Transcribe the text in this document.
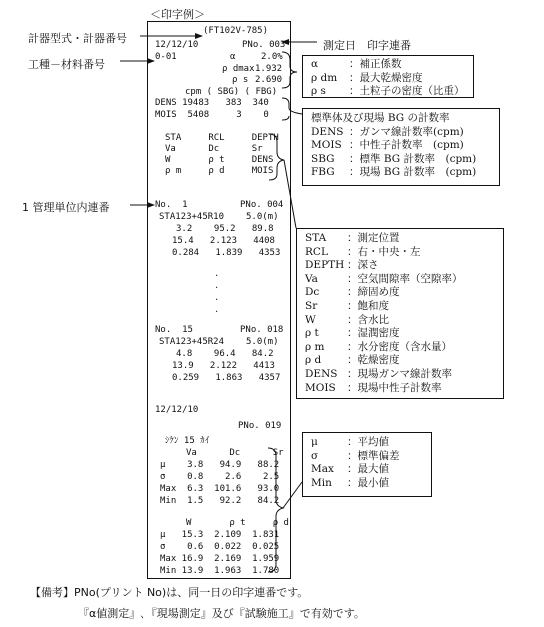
＜印字例＞
計器型式・計器番号
工種－材料番号
1 管理単位内連番
測定日　印字連番
(FT102V-785)
12/12/10	PNo. 003
0-01	α	2.0%
ρ dmax 1.932
ρ s 2.690
cpm ( SBG) ( FBG)
DENS 19483   383  340
MOIS  5408     3    0
STA     RCL     DEPTH
Va      Dc      Sr
W       ρ t     DENS
ρ m     ρ d     MOIS
No.  1	PNo. 004
STA123+45R10 5.0(m)
3.2    95.2   89.8
15.4   2.123   4408
0.284   1.839   4353
.
.
.
.
No.  15	PNo. 018
STA123+45R24 5.0(m)
4.8    96.4   84.2
13.9   2.122   4413
0.259   1.863   4357
12/12/10
PNo. 019
ｼｹﾝ 15 ｶｲ
Va      Dc      Sr
μ    3.8   94.9   88.2
σ    0.8    2.6    2.5
Max  6.3  101.6   93.0
Min  1.5   92.2   84.2
W       ρ t     ρ d
μ   15.3  2.109  1.831
σ    0.6  0.022  0.025
Max 16.9  2.169  1.959
Min 13.9  1.963  1.780
α	：補正係数
ρ dm ：最大乾燥密度
ρ s ：土粒子の密度（比重）
標準体及び現場 BG の計数率
DENS ：ガンマ線計数率(cpm)
MOIS ：中性子計数率　(cpm)
SBG ：標準 BG 計数率　(cpm)
FBG ：現場 BG 計数率　(cpm)
STA ：測定位置
RCL ：右・中央・左
DEPTH ：深さ
Va	：空気間隙率（空隙率）
Dc	：締固め度
Sr	：飽和度
W	：含水比
ρ t	：湿潤密度
ρ m ：水分密度（含水量）
ρ d ：乾燥密度
DENS ：現場ガンマ線計数率
MOIS ：現場中性子計数率
μ	：平均値
σ	：標準偏差
Max ：最大値
Min ：最小値
【備考】PNo(プリント No)は、同一日の印字連番です。
『α値測定』､『現場測定』及び『試験施工』で有効です。
